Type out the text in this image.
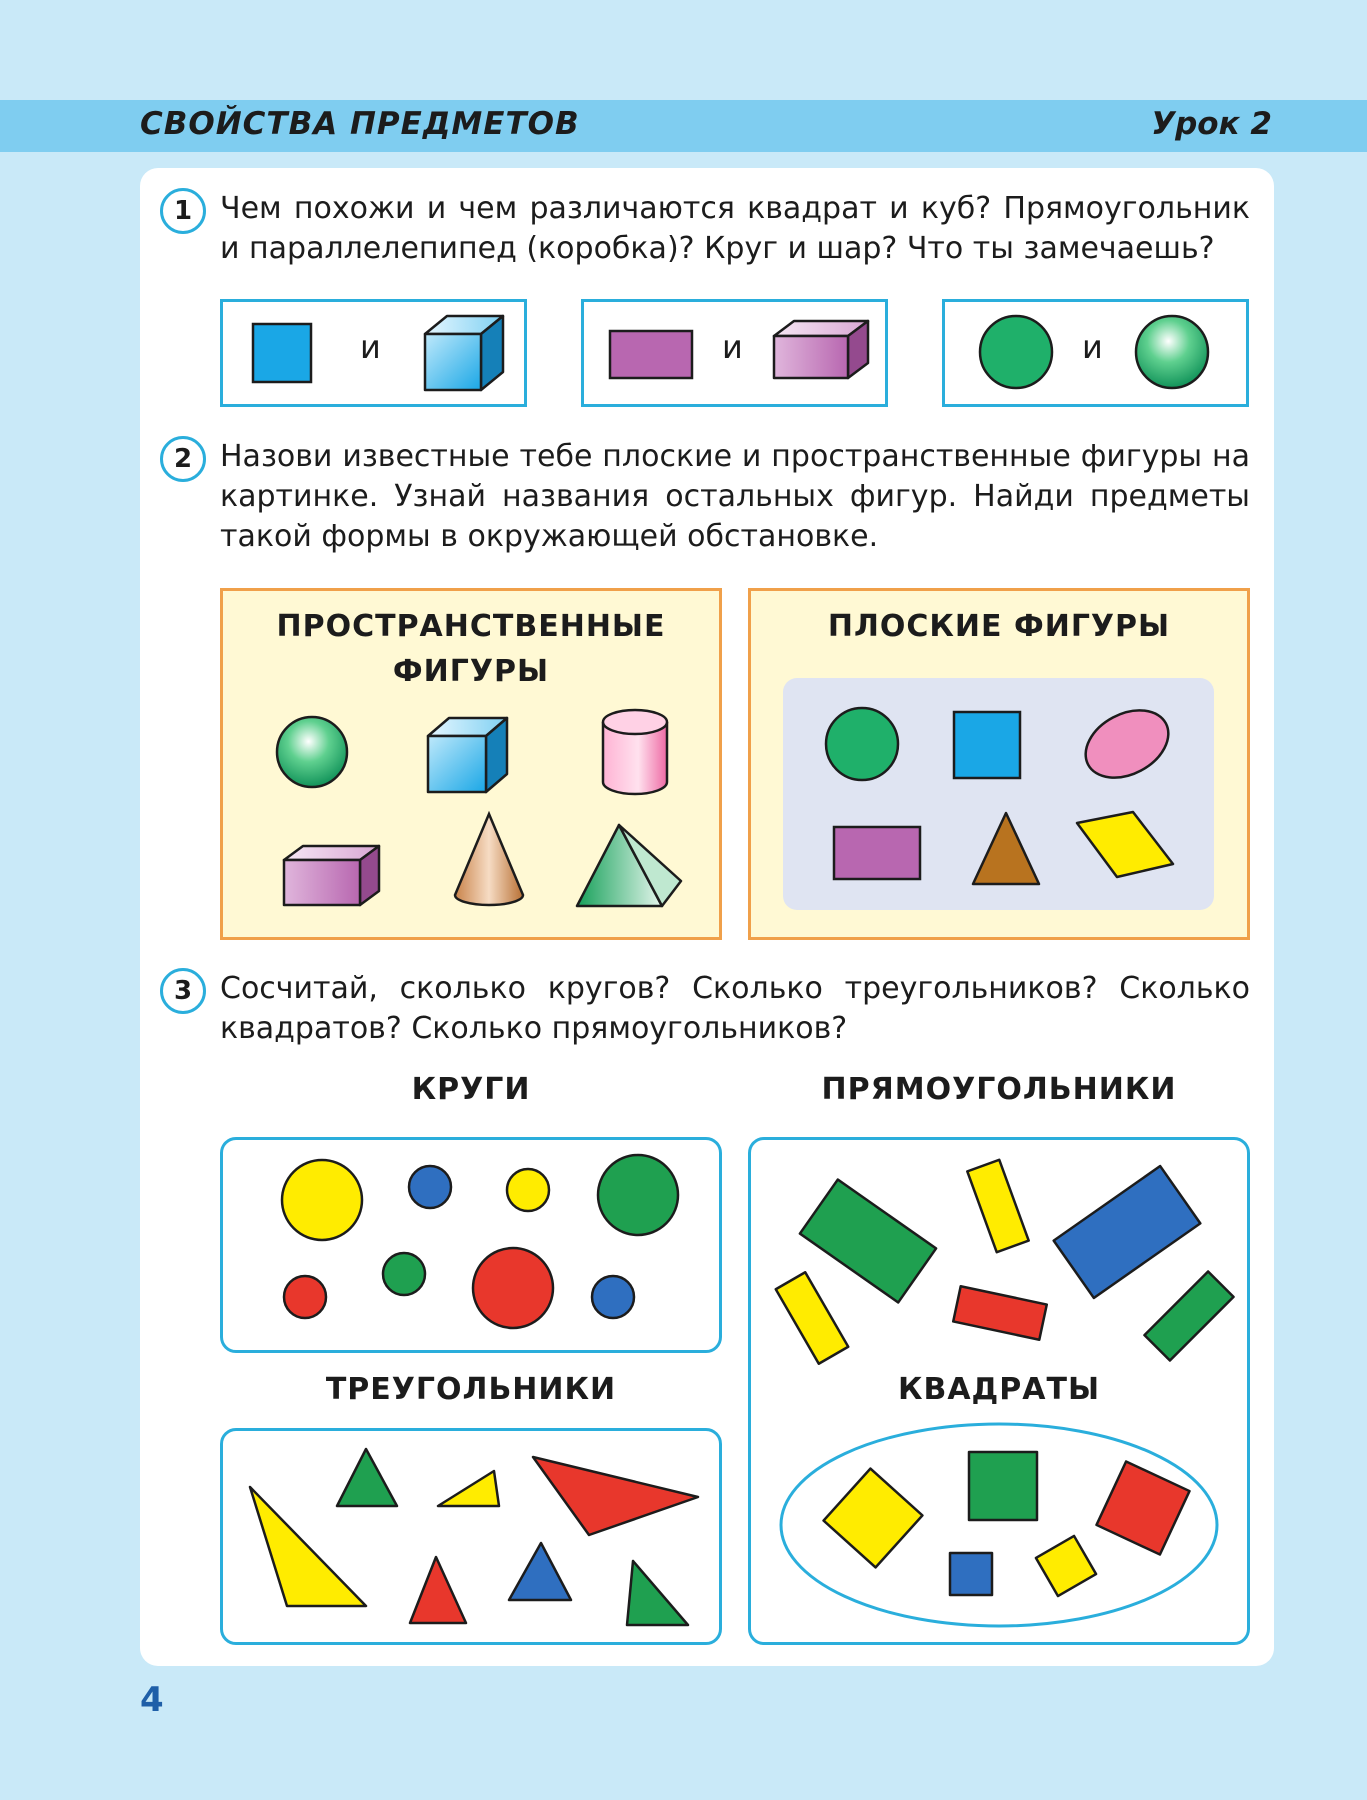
СВОЙСТВА ПРЕДМЕТОВ	Урок 2
1 Чем похожи и чем различаются квадрат и куб? Прямоугольник и параллелепипед (коробка)? Круг и шар? Что ты замечаешь?
и	и	и
2 Назови известные тебе плоские и пространственные фигуры на картинке. Узнай названия остальных фигур. Найди предметы такой формы в окружающей обстановке.
ПРОСТРАНСТВЕННЫЕ
ФИГУРЫ
ПЛОСКИЕ ФИГУРЫ
3 Сосчитай, сколько кругов? Сколько треугольников? Сколько квадратов? Сколько прямоугольников?
КРУГИ	ПРЯМОУГОЛЬНИКИ
ТРЕУГОЛЬНИКИ	КВАДРАТЫ
4
